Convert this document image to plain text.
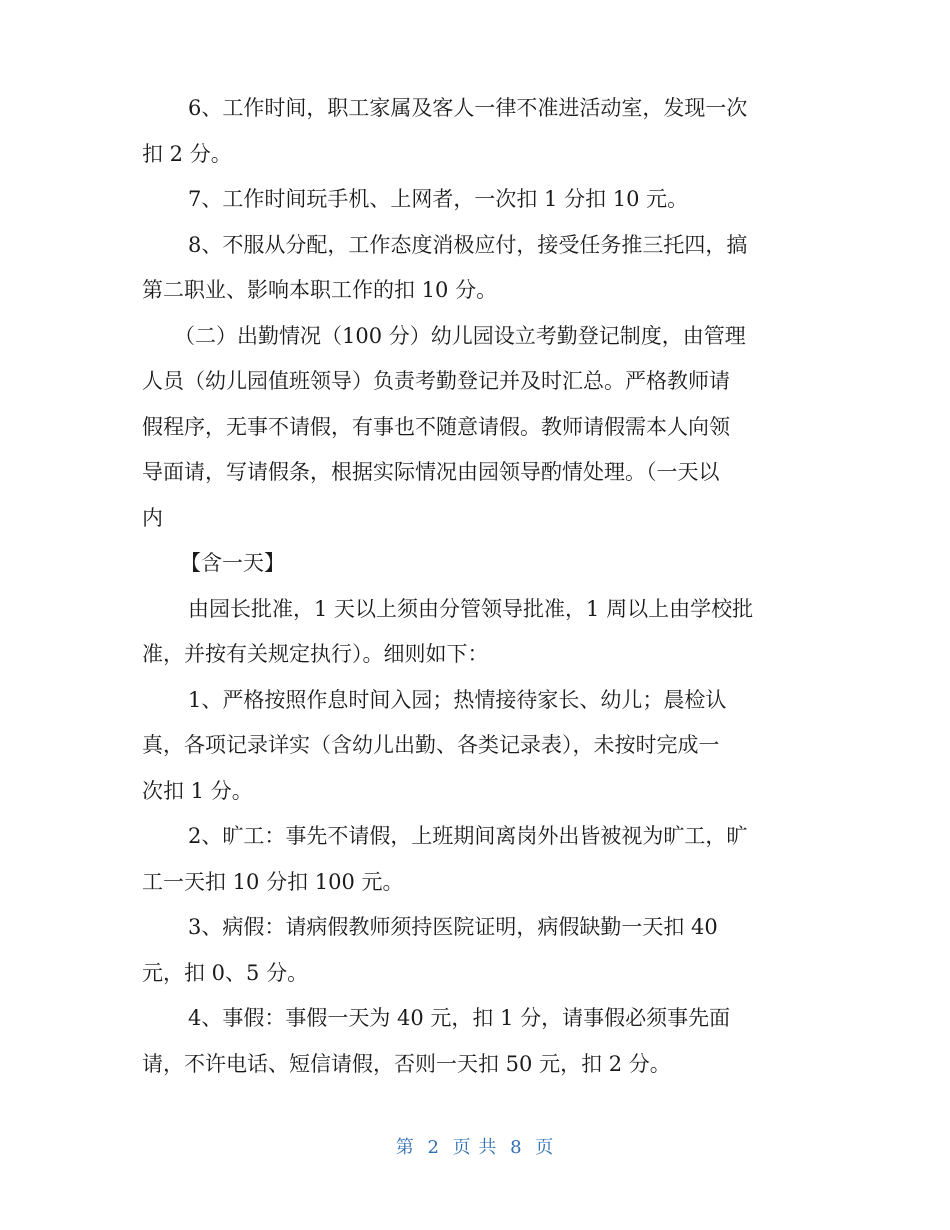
6、工作时间，职工家属及客人一律不准进活动室，发现一次
扣 2 分。

7、工作时间玩手机、上网者，一次扣 1 分扣 10 元。

8、不服从分配，工作态度消极应付，接受任务推三托四，搞
第二职业、影响本职工作的扣 10 分。

（二）出勤情况（100 分）幼儿园设立考勤登记制度，由管理
人员（幼儿园值班领导）负责考勤登记并及时汇总。严格教师请
假程序，无事不请假，有事也不随意请假。教师请假需本人向领
导面请，写请假条，根据实际情况由园领导酌情处理。（一天以
内

【含一天】

由园长批准，1 天以上须由分管领导批准，1 周以上由学校批
准，并按有关规定执行）。细则如下：

1、严格按照作息时间入园；热情接待家长、幼儿；晨检认
真，各项记录详实（含幼儿出勤、各类记录表），未按时完成一
次扣 1 分。

2、旷工：事先不请假，上班期间离岗外出皆被视为旷工，旷
工一天扣 10 分扣 100 元。

3、病假：请病假教师须持医院证明，病假缺勤一天扣 40
元，扣 0、5 分。

4、事假：事假一天为 40 元，扣 1 分，请事假必须事先面
请，不许电话、短信请假，否则一天扣 50 元，扣 2 分。

第 2 页 共 8 页
